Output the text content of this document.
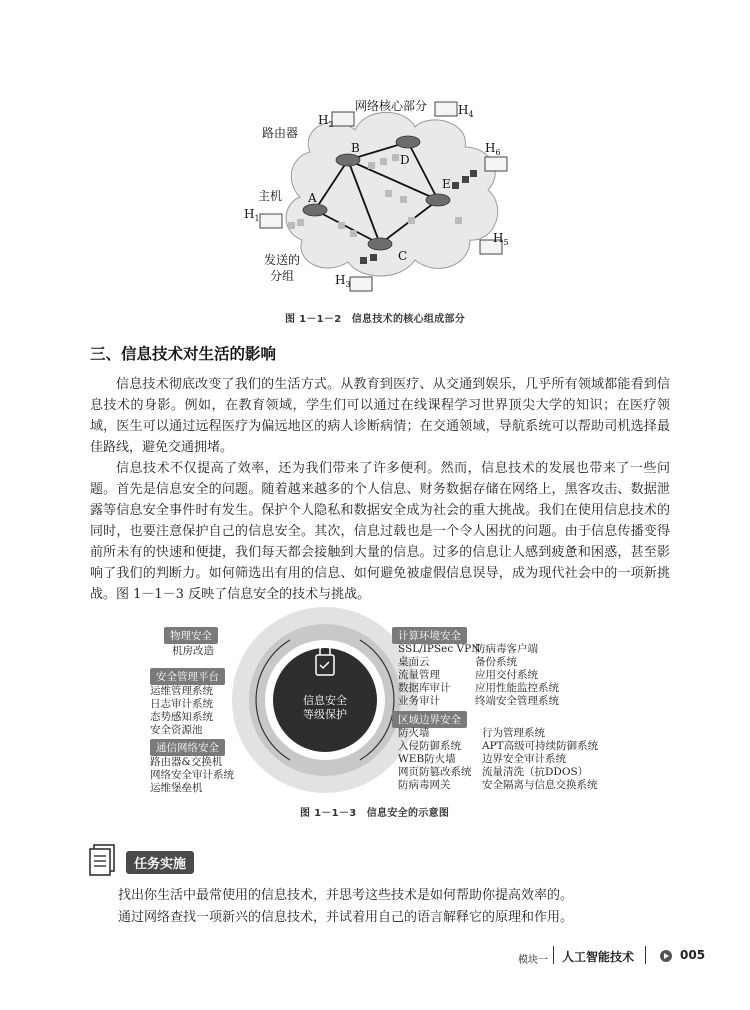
A
B
C
D
E
网络核心部分
路由器
主机
发送的
分组
$H_1$
$H_2$
$H_3$
$H_4$
$H_5$
$H_6$
图 1－1－2　信息技术的核心组成部分
三、信息技术对生活的影响

信息技术彻底改变了我们的生活方式。从教育到医疗、从交通到娱乐，几乎所有领域都能看到信息技术的身影。例如，在教育领域，学生们可以通过在线课程学习世界顶尖大学的知识；在医疗领域，医生可以通过远程医疗为偏远地区的病人诊断病情；在交通领域，导航系统可以帮助司机选择最佳路线，避免交通拥堵。

信息技术不仅提高了效率，还为我们带来了许多便利。然而，信息技术的发展也带来了一些问题。首先是信息安全的问题。随着越来越多的个人信息、财务数据存储在网络上，黑客攻击、数据泄露等信息安全事件时有发生。保护个人隐私和数据安全成为社会的重大挑战。我们在使用信息技术的同时，也要注意保护自己的信息安全。其次，信息过载也是一个令人困扰的问题。由于信息传播变得前所未有的快速和便捷，我们每天都会接触到大量的信息。过多的信息让人感到疲惫和困惑，甚至影响了我们的判断力。如何筛选出有用的信息、如何避免被虚假信息误导，成为现代社会中的一项新挑战。图 1－1－3 反映了信息安全的技术与挑战。

信息安全
等级保护
物理安全
机房改造
安全管理平台
运维管理系统
日志审计系统
态势感知系统
安全资源池
通信网络安全
路由器&交换机
网络安全审计系统
运维堡垒机
计算环境安全
SSL/IPSec VPN
桌面云
流量管理
数据库审计
业务审计
防病毒客户端
备份系统
应用交付系统
应用性能监控系统
终端安全管理系统
区域边界安全
防火墙
入侵防御系统
WEB防火墙
网页防篡改系统
防病毒网关
行为管理系统
APT高级可持续防御系统
边界安全审计系统
流量清洗（抗DDOS）
安全隔离与信息交换系统
图 1－1－3　信息安全的示意图
任务实施
找出你生活中最常使用的信息技术，并思考这些技术是如何帮助你提高效率的。
通过网络查找一项新兴的信息技术，并试着用自己的语言解释它的原理和作用。
模块一 人工智能技术	005
